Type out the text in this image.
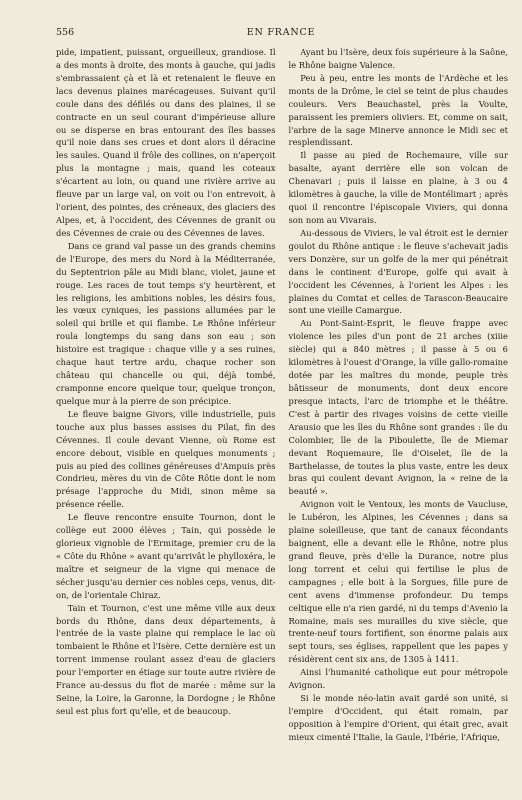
556	EN FRANCE

pide, impatient, puissant, orgueilleux, grandiose. Il a des monts à droite, des monts à gauche, qui jadis s'embrassaient çà et là et retenaient le fleuve en lacs devenus plaines marécageuses. Suivant qu'il coule dans des défilés ou dans des plaines, il se contracte en un seul courant d'impérieuse allure ou se disperse en bras entourant des îles basses qu'il noie dans ses crues et dont alors il déracine les saules. Quand il frôle des collines, on n'aperçoit plus la montagne ; mais, quand les coteaux s'écartent au loin, ou quand une rivière arrive au fleuve par un large val, on voit ou l'on entrevoit, à l'orient, des pointes, des créneaux, des glaciers des Alpes, et, à l'occident, des Cévennes de granit ou des Cévennes de craie ou des Cévennes de laves.

Dans ce grand val passe un des grands chemins de l'Europe, des mers du Nord à la Méditerranée, du Septentrion pâle au Midi blanc, violet, jaune et rouge. Les races de tout temps s'y heurtèrent, et les religions, les ambitions nobles, les désirs fous, les vœux cyniques, les passions allumées par le soleil qui brille et qui flambe. Le Rhône inférieur roula longtemps du sang dans son eau ; son histoire est tragique : chaque ville y a ses ruines, chaque haut tertre ardu, chaque rocher son château qui chancelle ou qui, déjà tombé, cramponne encore quelque tour, quelque tronçon, quelque mur à la pierre de son précipice.

Le fleuve baigne Givors, ville industrielle, puis touche aux plus basses assises du Pilat, fin des Cévennes. Il coule devant Vienne, où Rome est encore debout, visible en quelques monuments ; puis au pied des collines généreuses d'Ampuis près Condrieu, mères du vin de Côte Rôtie dont le nom présage l'approche du Midi, sinon même sa présence réelle.

Le fleuve rencontre ensuite Tournon, dont le collège eut 2000 élèves ; Tain, qui possède le glorieux vignoble de l'Ermitage, premier cru de la « Côte du Rhône » avant qu'arrivât le phylloxéra, le maître et seigneur de la vigne qui menace de sécher jusqu'au dernier ces nobles ceps, venus, dit-on, de l'orientale Chiraz.

Tain et Tournon, c'est une même ville aux deux bords du Rhône, dans deux départements, à l'entrée de la vaste plaine qui remplace le lac où tombaient le Rhône et l'Isère. Cette dernière est un torrent immense roulant assez d'eau de glaciers pour l'emporter en étiage sur toute autre rivière de France au-dessus du flot de marée : même sur la Seine, la Loire, la Garonne, la Dordogne ; le Rhône seul est plus fort qu'elle, et de beaucoup.

Ayant bu l'Isère, deux fois supérieure à la Saône, le Rhône baigne Valence.

Peu à peu, entre les monts de l'Ardèche et les monts de la Drôme, le ciel se teint de plus chaudes couleurs. Vers Beauchastel, près la Voulte, paraissent les premiers oliviers. Et, comme on sait, l'arbre de la sage Minerve annonce le Midi sec et resplendissant.

Il passe au pied de Rochemaure, ville sur basalte, ayant derrière elle son volcan de Chenavari ; puis il laisse en plaine, à 3 ou 4 kilomètres à gauche, la ville de Montélimart ; après quoi il rencontre l'épiscopale Viviers, qui donna son nom au Vivarais.

Au-dessous de Viviers, le val étroit est le dernier goulot du Rhône antique : le fleuve s'achevait jadis vers Donzère, sur un golfe de la mer qui pénétrait dans le continent d'Europe, golfe qui avait à l'occident les Cévennes, à l'orient les Alpes : les plaines du Comtat et celles de Tarascon-Beaucaire sont une vieille Camargue.

Au Pont-Saint-Esprit, le fleuve frappe avec violence les piles d'un pont de 21 arches (xiiie siècle) qui a 840 mètres ; il passe à 5 ou 6 kilomètres à l'ouest d'Orange, la ville gallo-romaine dotée par les maîtres du monde, peuple très bâtisseur de monuments, dont deux encore presque intacts, l'arc de triomphe et le théâtre. C'est à partir des rivages voisins de cette vieille Arausio que les îles du Rhône sont grandes : île du Colombier, île de la Piboulette, île de Miemar devant Roquemaure, île d'Oiselet, île de la Barthelasse, de toutes la plus vaste, entre les deux bras qui coulent devant Avignon, la « reine de la beauté ».

Avignon voit le Ventoux, les monts de Vaucluse, le Lubéron, les Alpines, les Cévennes ; dans sa plaine soleilleuse, que tant de canaux fécondants baignent, elle a devant elle le Rhône, notre plus grand fleuve, près d'elle la Durance, notre plus long torrent et celui qui fertilise le plus de campagnes ; elle boit à la Sorgues, fille pure de cent avens d'immense profondeur. Du temps celtique elle n'a rien gardé, ni du temps d'Avenio la Romaine, mais ses murailles du xive siècle, que trente-neuf tours fortifient, son énorme palais aux sept tours, ses églises, rappellent que les papes y résidèrent cent six ans, de 1305 à 1411.

Ainsi l'humanité catholique eut pour métropole Avignon.

Si le monde néo-latin avait gardé son unité, si l'empire d'Occident, qui était romain, par opposition à l'empire d'Orient, qui était grec, avait mieux cimenté l'Italie, la Gaule, l'Ibérie, l'Afrique,
